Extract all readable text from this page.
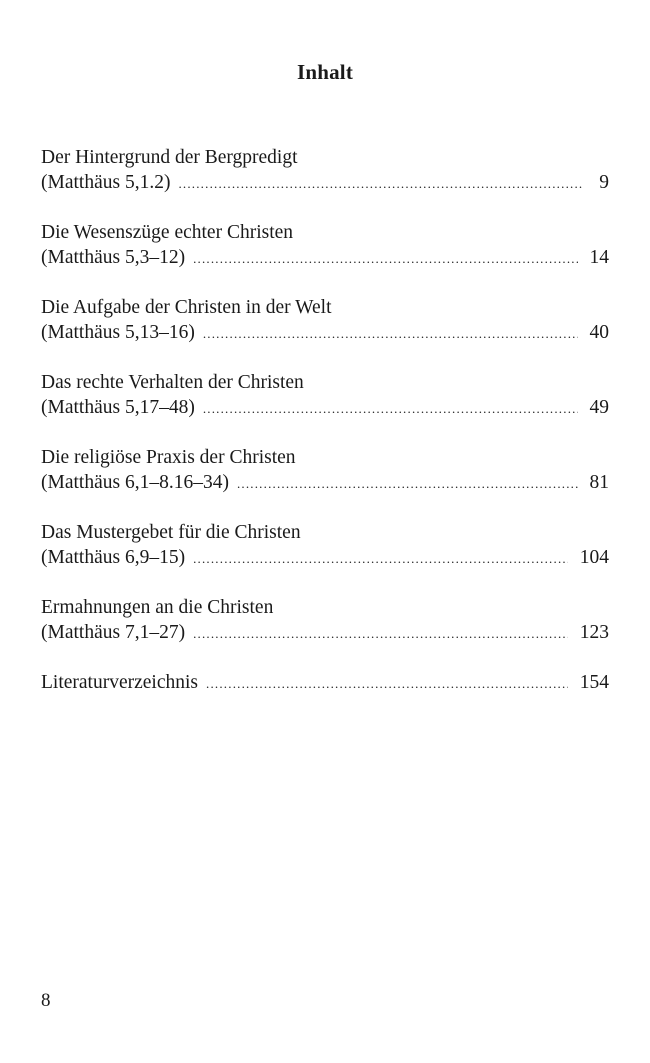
Inhalt
Der Hintergrund der Bergpredigt
(Matthäus 5,1.2) .....	9
Die Wesenszüge echter Christen
(Matthäus 5,3–12) .....	14
Die Aufgabe der Christen in der Welt
(Matthäus 5,13–16) .....	40
Das rechte Verhalten der Christen
(Matthäus 5,17–48) .....	49
Die religiöse Praxis der Christen
(Matthäus 6,1–8.16–34) .....	81
Das Mustergebet für die Christen
(Matthäus 6,9–15) .....	104
Ermahnungen an die Christen
(Matthäus 7,1–27) .....	123
Literaturverzeichnis .....	154
8
